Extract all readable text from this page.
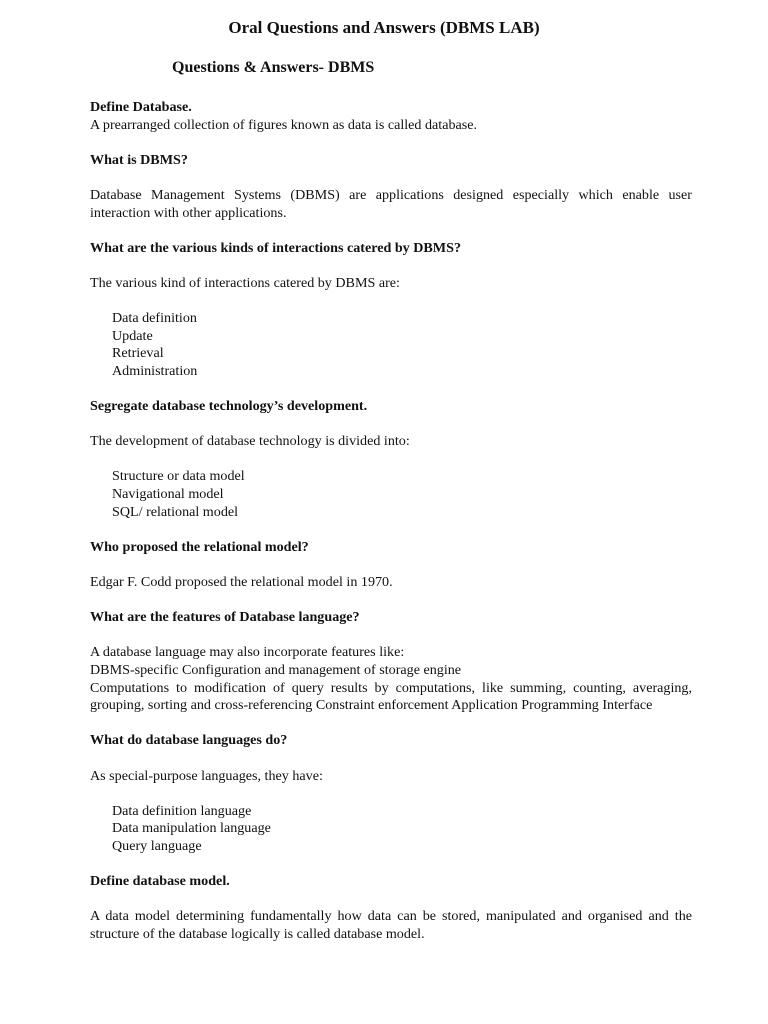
Oral Questions and Answers (DBMS LAB)
Questions & Answers- DBMS

Define Database.

A prearranged collection of figures known as data is called database.

What is DBMS?

Database Management Systems (DBMS) are applications designed especially which enable user interaction with other applications.

What are the various kinds of interactions catered by DBMS?

The various kind of interactions catered by DBMS are:

Data definition
Update
Retrieval
Administration

Segregate database technology’s development.

The development of database technology is divided into:

Structure or data model
Navigational model
SQL/ relational model

Who proposed the relational model?

Edgar F. Codd proposed the relational model in 1970.

What are the features of Database language?

A database language may also incorporate features like:

DBMS-specific Configuration and management of storage engine

Computations to modification of query results by computations, like summing, counting, averaging, grouping, sorting and cross-referencing Constraint enforcement Application Programming Interface

What do database languages do?

As special-purpose languages, they have:

Data definition language
Data manipulation language
Query language

Define database model.

A data model determining fundamentally how data can be stored, manipulated and organised and the structure of the database logically is called database model.
